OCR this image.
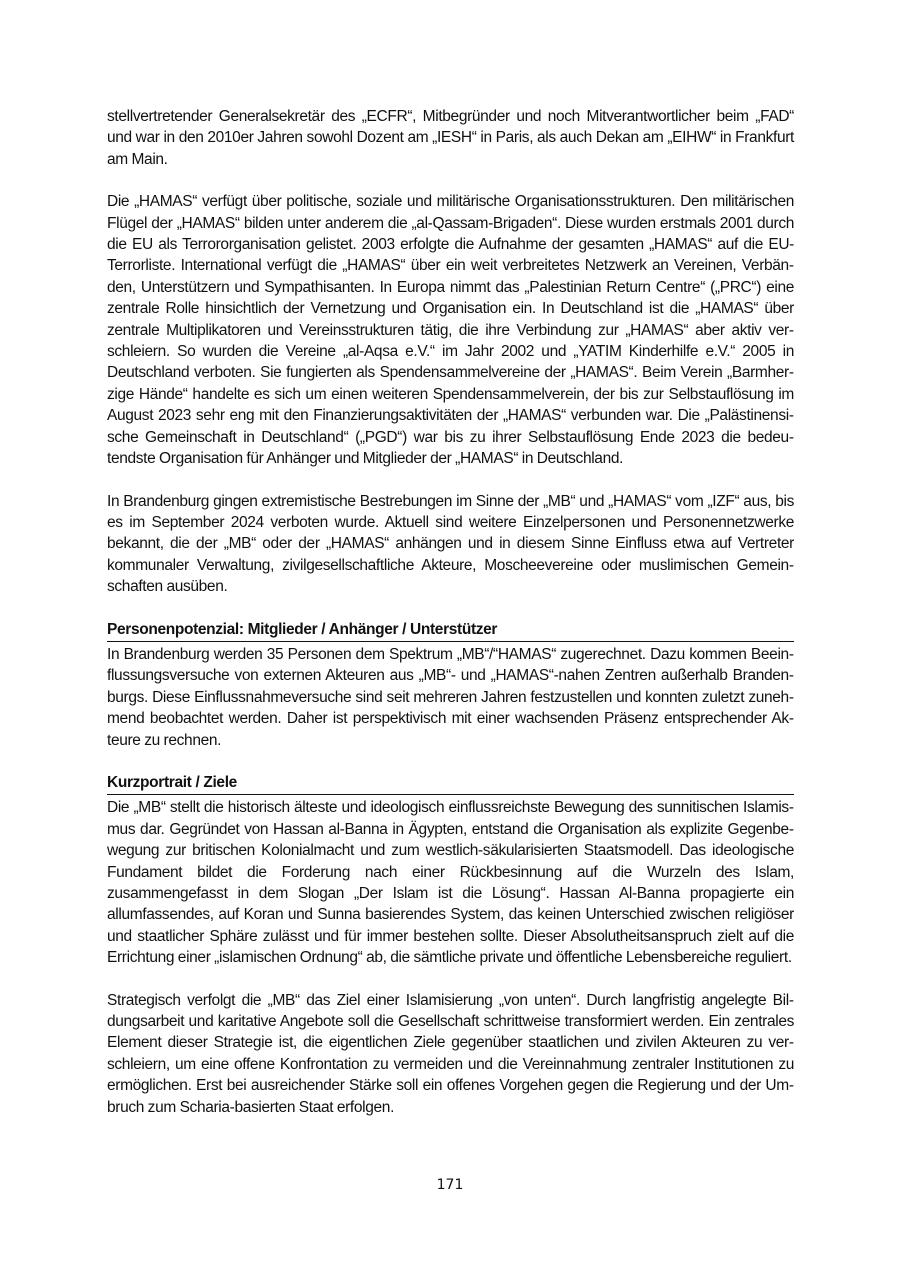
stellvertretender Generalsekretär des „ECFR“, Mitbegründer und noch Mitverantwortlicher beim „FAD“ und war in den 2010er Jahren sowohl Dozent am „IESH“ in Paris, als auch Dekan am „EIHW“ in Frankfurt am Main.

Die „HAMAS“ verfügt über politische, soziale und militärische Organisationsstrukturen. Den militärischen Flügel der „HAMAS“ bilden unter anderem die „al-Qassam-Brigaden“. Diese wurden erstmals 2001 durch die EU als Terrororganisation gelistet. 2003 erfolgte die Aufnahme der gesamten „HAMAS“ auf die EU-Terrorliste. International verfügt die „HAMAS“ über ein weit verbreitetes Netzwerk an Vereinen, Verbänden, Unterstützern und Sympathisanten. In Europa nimmt das „Palestinian Return Centre“ („PRC“) eine zentrale Rolle hinsichtlich der Vernetzung und Organisation ein. In Deutschland ist die „HAMAS“ über zentrale Multiplikatoren und Vereinsstrukturen tätig, die ihre Verbindung zur „HAMAS“ aber aktiv verschleiern. So wurden die Vereine „al-Aqsa e.V.“ im Jahr 2002 und „YATIM Kinderhilfe e.V.“ 2005 in Deutschland verboten. Sie fungierten als Spendensammelvereine der „HAMAS“. Beim Verein „Barmherzige Hände“ handelte es sich um einen weiteren Spendensammelverein, der bis zur Selbstauflösung im August 2023 sehr eng mit den Finanzierungsaktivitäten der „HAMAS“ verbunden war. Die „Palästinensische Gemeinschaft in Deutschland“ („PGD“) war bis zu ihrer Selbstauflösung Ende 2023 die bedeutendste Organisation für Anhänger und Mitglieder der „HAMAS“ in Deutschland.

In Brandenburg gingen extremistische Bestrebungen im Sinne der „MB“ und „HAMAS“ vom „IZF“ aus, bis es im September 2024 verboten wurde. Aktuell sind weitere Einzelpersonen und Personennetzwerke bekannt, die der „MB“ oder der „HAMAS“ anhängen und in diesem Sinne Einfluss etwa auf Vertreter kommunaler Verwaltung, zivilgesellschaftliche Akteure, Moscheevereine oder muslimischen Gemeinschaften ausüben.

Personenpotenzial: Mitglieder / Anhänger / Unterstützer

In Brandenburg werden 35 Personen dem Spektrum „MB“/“HAMAS“ zugerechnet. Dazu kommen Beeinflussungsversuche von externen Akteuren aus „MB“- und „HAMAS“-nahen Zentren außerhalb Brandenburgs. Diese Einflussnahmeversuche sind seit mehreren Jahren festzustellen und konnten zuletzt zunehmend beobachtet werden. Daher ist perspektivisch mit einer wachsenden Präsenz entsprechender Akteure zu rechnen.

Kurzportrait / Ziele

Die „MB“ stellt die historisch älteste und ideologisch einflussreichste Bewegung des sunnitischen Islamismus dar. Gegründet von Hassan al-Banna in Ägypten, entstand die Organisation als explizite Gegenbewegung zur britischen Kolonialmacht und zum westlich-säkularisierten Staatsmodell. Das ideologische Fundament bildet die Forderung nach einer Rückbesinnung auf die Wurzeln des Islam, zusammengefasst in dem Slogan „Der Islam ist die Lösung“. Hassan Al-Banna propagierte ein allumfassendes, auf Koran und Sunna basierendes System, das keinen Unterschied zwischen religiöser und staatlicher Sphäre zulässt und für immer bestehen sollte. Dieser Absolutheitsanspruch zielt auf die Errichtung einer „islamischen Ordnung“ ab, die sämtliche private und öffentliche Lebensbereiche reguliert.

Strategisch verfolgt die „MB“ das Ziel einer Islamisierung „von unten“. Durch langfristig angelegte Bildungsarbeit und karitative Angebote soll die Gesellschaft schrittweise transformiert werden. Ein zentrales Element dieser Strategie ist, die eigentlichen Ziele gegenüber staatlichen und zivilen Akteuren zu verschleiern, um eine offene Konfrontation zu vermeiden und die Vereinnahmung zentraler Institutionen zu ermöglichen. Erst bei ausreichender Stärke soll ein offenes Vorgehen gegen die Regierung und der Umbruch zum Scharia-basierten Staat erfolgen.

171
